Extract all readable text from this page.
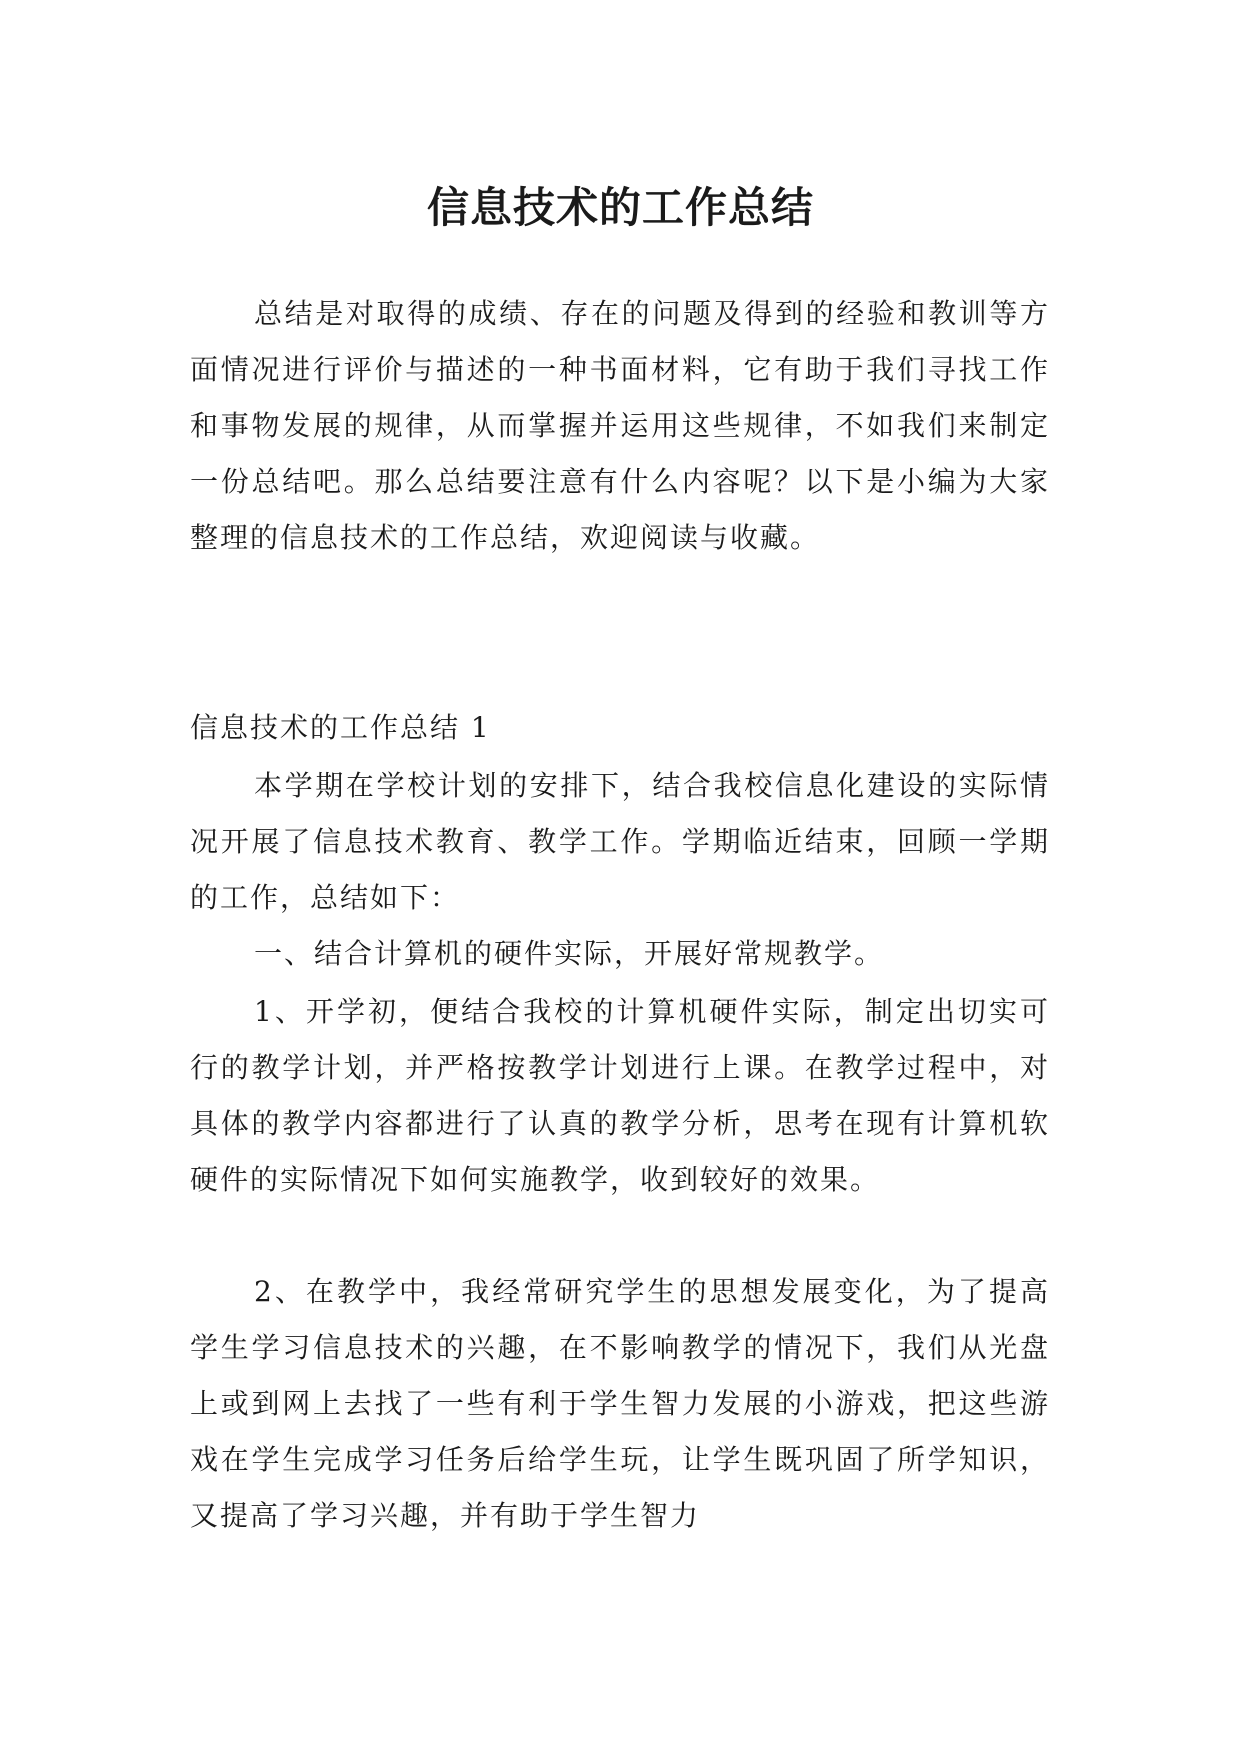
信息技术的工作总结

总结是对取得的成绩、存在的问题及得到的经验和教训等方面情况进行评价与描述的一种书面材料，它有助于我们寻找工作和事物发展的规律，从而掌握并运用这些规律，不如我们来制定一份总结吧。那么总结要注意有什么内容呢？以下是小编为大家整理的信息技术的工作总结，欢迎阅读与收藏。

信息技术的工作总结 1

本学期在学校计划的安排下，结合我校信息化建设的实际情况开展了信息技术教育、教学工作。学期临近结束，回顾一学期的工作，总结如下：

一、结合计算机的硬件实际，开展好常规教学。

1、开学初，便结合我校的计算机硬件实际，制定出切实可行的教学计划，并严格按教学计划进行上课。在教学过程中，对具体的教学内容都进行了认真的教学分析，思考在现有计算机软硬件的实际情况下如何实施教学，收到较好的效果。

2、在教学中，我经常研究学生的思想发展变化，为了提高学生学习信息技术的兴趣，在不影响教学的情况下，我们从光盘上或到网上去找了一些有利于学生智力发展的小游戏，把这些游戏在学生完成学习任务后给学生玩，让学生既巩固了所学知识，又提高了学习兴趣，并有助于学生智力
